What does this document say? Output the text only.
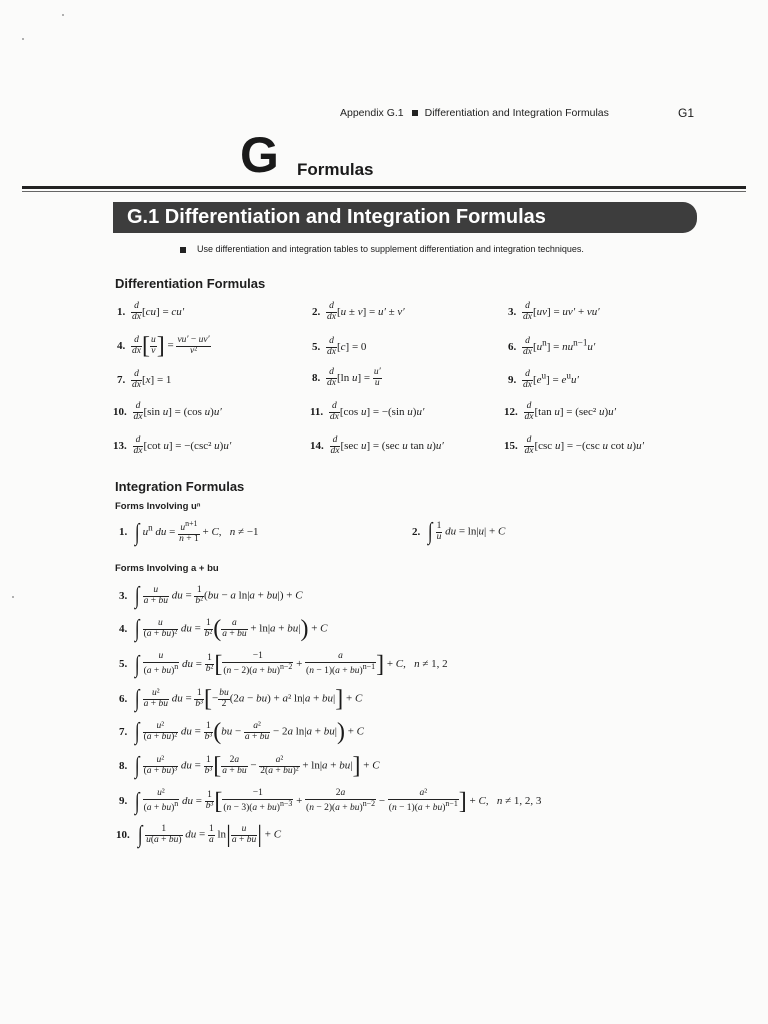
Appendix G.1 Differentiation and Integration Formulas	G1
G Formulas
G.1 Differentiation and Integration Formulas
Use differentiation and integration tables to supplement differentiation and integration techniques.
Differentiation Formulas
1. $\frac{d}{dx} [cu] = cu'$	2. $\frac{d}{dx} [u \pm v] = u' \pm v'$	3. $\frac{d}{dx} [uv] = uv' + vu'$
4. $\frac{d}{dx}$ [ $\frac{u}{v}$ ] = $\frac{vu' - uv'}{\text{v²}}$	5. $\frac{d}{dx} [c] = 0$	6. $\frac{d}{dx} [u^n] = nu^{n-1}u'$
7. $\frac{d}{dx} [x] = 1$	8. $\frac{d}{dx} [\ln$ $u] = \frac{u'}{u}$	9. $\frac{d}{dx} [e^u] = e^uu'$
10. $\frac{d}{dx} [\sin$ u] = (cos u)u′	11. $\frac{d}{dx} [\cos$ u] = −(sin u)u′	12. $\frac{d}{dx} [\tan$ u] = (sec² u)u′
13. $\frac{d}{dx} [\cot$ u] = −(csc² u)u′	14. $\frac{d}{dx} [\sec$ u] = (sec u tan u)u′	15. $\frac{d}{dx} [\csc$ u] = −(csc u cot u)u′
Integration Formulas
Forms Involving uⁿ
1. ∫ $u^n$ du = $\frac{u^{n+1}}{n + 1} + C$,   n ≠ −1	2. ∫ $\frac{1}{u}$ du = ln|u| + C
Forms Involving a + bu
3. ∫ $\frac{u}{a + bu}$ du = $\frac{1}{\text{b²}} (bu - a$ ln|a + bu|) + C
4. ∫ $\frac{u}{\text{(a + bu)²}}$ du = $\frac{1}{\text{b²}}$ ( $\frac{a}{a + bu} + \ln|a + bu|) + C$
5. ∫ $\frac{u}{(a + bu)^n}$ du = $\frac{1}{\text{b²}}$ [ $\frac{-1}{(n - 2)(a + bu)^{n-2}} + \frac{a}{(n - 1)(a + bu)^{n-1}}$ ] + C,   n ≠ 1, 2
6. ∫ $\frac{\text{u²}}{a + bu}$ du = $\frac{1}{\text{b³}}$ [− $\frac{bu}{2} (2a - bu) + a^2$ ln|a + bu|] + C
7. ∫ $\frac{\text{u²}}{\text{(a + bu)²}}$ du = $\frac{1}{\text{b³}} (bu - \frac{\text{a²}}{a + bu} - 2a$ ln|a + bu|) + C
8. ∫ $\frac{\text{u²}}{\text{(a + bu)³}}$ du = $\frac{1}{\text{b³}}$ [ $\frac{2a}{a + bu} - \frac{\text{a²}}{\text{2(a + bu)²}} + \ln|a + bu|] + C$
9. ∫ $\frac{\text{u²}}{(a + bu)^n}$ du = $\frac{1}{\text{b³}}$ [ $\frac{-1}{(n - 3)(a + bu)^{n-3}} + \frac{2a}{(n - 2)(a + bu)^{n-2}} - \frac{\text{a²}}{(n - 1)(a + bu)^{n-1}}$ ] + C,   n ≠ 1, 2, 3
10. ∫ $\frac{1}{u(a + bu)}$ du = $\frac{1}{a} \ln| \frac{u}{a + bu}$ | + C
